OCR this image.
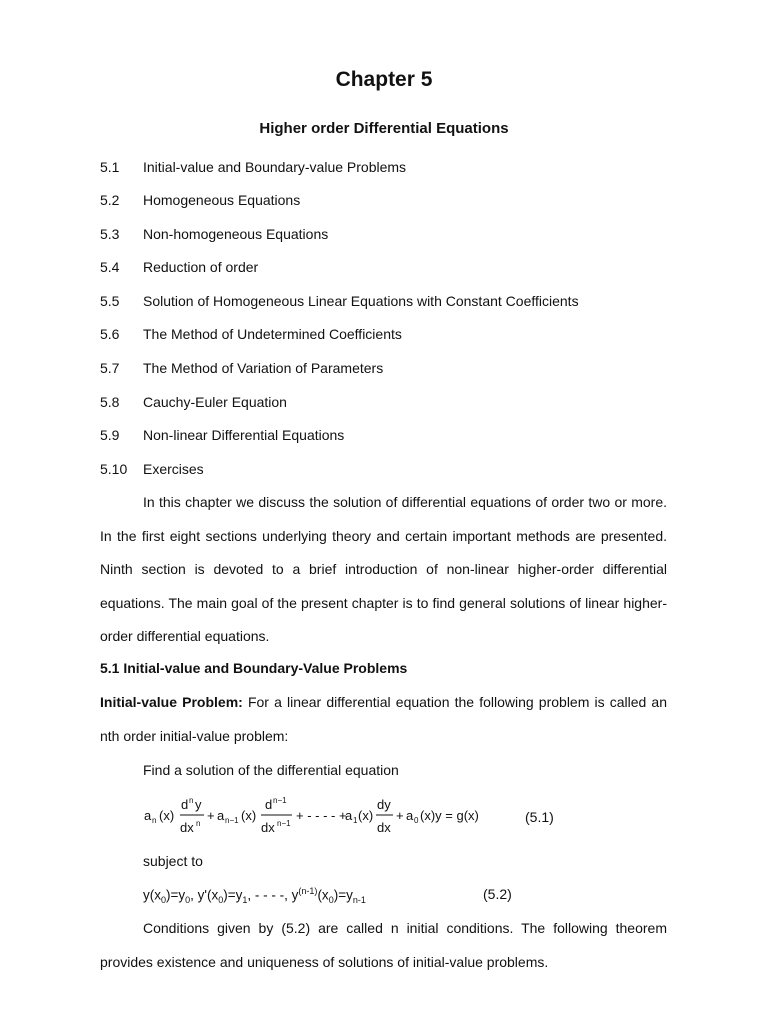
Chapter 5
Higher order Differential Equations
5.1 Initial-value and Boundary-value Problems
5.2 Homogeneous Equations
5.3 Non-homogeneous Equations
5.4 Reduction of order
5.5 Solution of Homogeneous Linear Equations with Constant Coefficients
5.6 The Method of Undetermined Coefficients
5.7 The Method of Variation of Parameters
5.8 Cauchy-Euler Equation
5.9 Non-linear Differential Equations
5.10 Exercises
In this chapter we discuss the solution of differential equations of order two or more. In the first eight sections underlying theory and certain important methods are presented. Ninth section is devoted to a brief introduction of non-linear higher-order differential equations. The main goal of the present chapter is to find general solutions of linear higher-order differential equations.
5.1 Initial-value and Boundary-Value Problems
Initial-value Problem: For a linear differential equation the following problem is called an nth order initial-value problem:
Find a solution of the differential equation
a n (x)
d n y
dx n
+ a n−1 (x)
d n−1
dx n−1
+ - - - - +
a 1 (x)
dy
dx
+ a 0 (x)y = g(x)	(5.1)
subject to
$y(x_0)=y_0$, $y'(x_0)=y_1$, - - - -, $y^{(n-1)}(x_0)=y_{n-1}$	(5.2)
Conditions given by (5.2) are called n initial conditions. The following theorem provides existence and uniqueness of solutions of initial-value problems.
